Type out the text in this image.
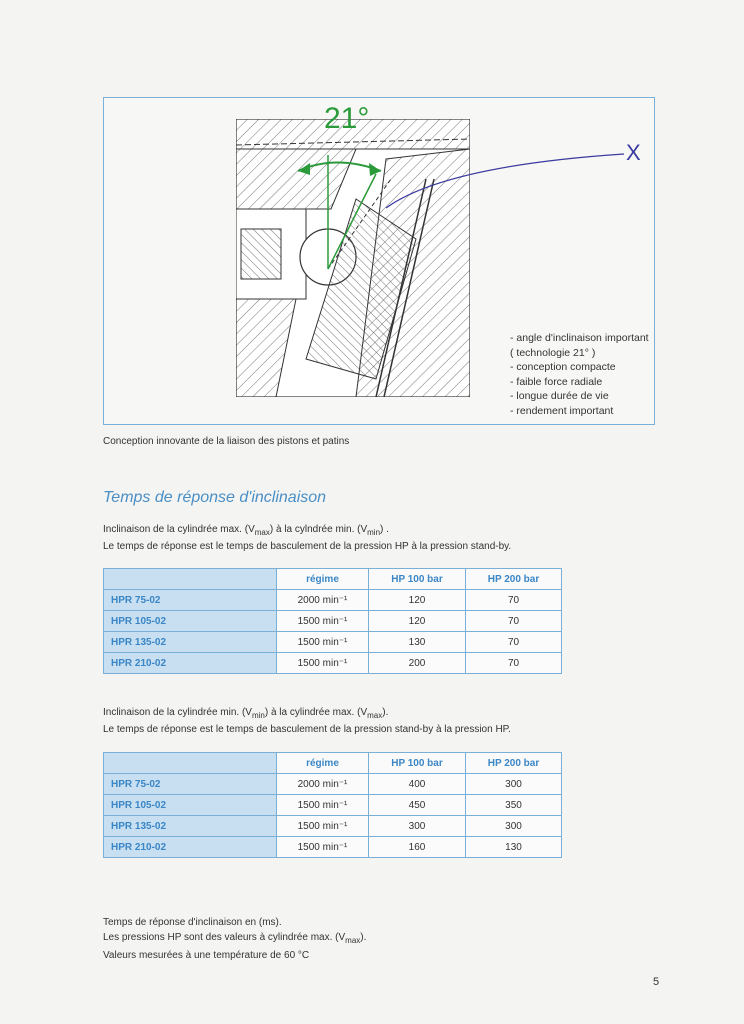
21°
X
- angle d'inclinaison important
( technologie 21° )
- conception compacte
- faible force radiale
- longue durée de vie
- rendement important
Conception innovante de la liaison des pistons et patins
Temps de réponse d'inclinaison
Inclinaison de la cylindrée max. $(V_{max})$ à la cylndrée min. $(V_{min})$ .
Le temps de réponse est le temps de basculement de la pression HP à la pression stand-by.
	régime	HP 100 bar	HP 200 bar
HPR 75-02	2000 min⁻¹	120	70
HPR 105-02	1500 min⁻¹	120	70
HPR 135-02	1500 min⁻¹	130	70
HPR 210-02	1500 min⁻¹	200	70
Inclinaison de la cylindrée min. $(V_{min})$ à la cylindrée max. $(V_{max})$.
Le temps de réponse est le temps de basculement de la pression stand-by à la pression HP.
	régime	HP 100 bar	HP 200 bar
HPR 75-02	2000 min⁻¹	400	300
HPR 105-02	1500 min⁻¹	450	350
HPR 135-02	1500 min⁻¹	300	300
HPR 210-02	1500 min⁻¹	160	130
Temps de réponse d'inclinaison en (ms).
Les pressions HP sont des valeurs à cylindrée max. $(V_{max})$.
Valeurs mesurées à une température de 60 °C
5
